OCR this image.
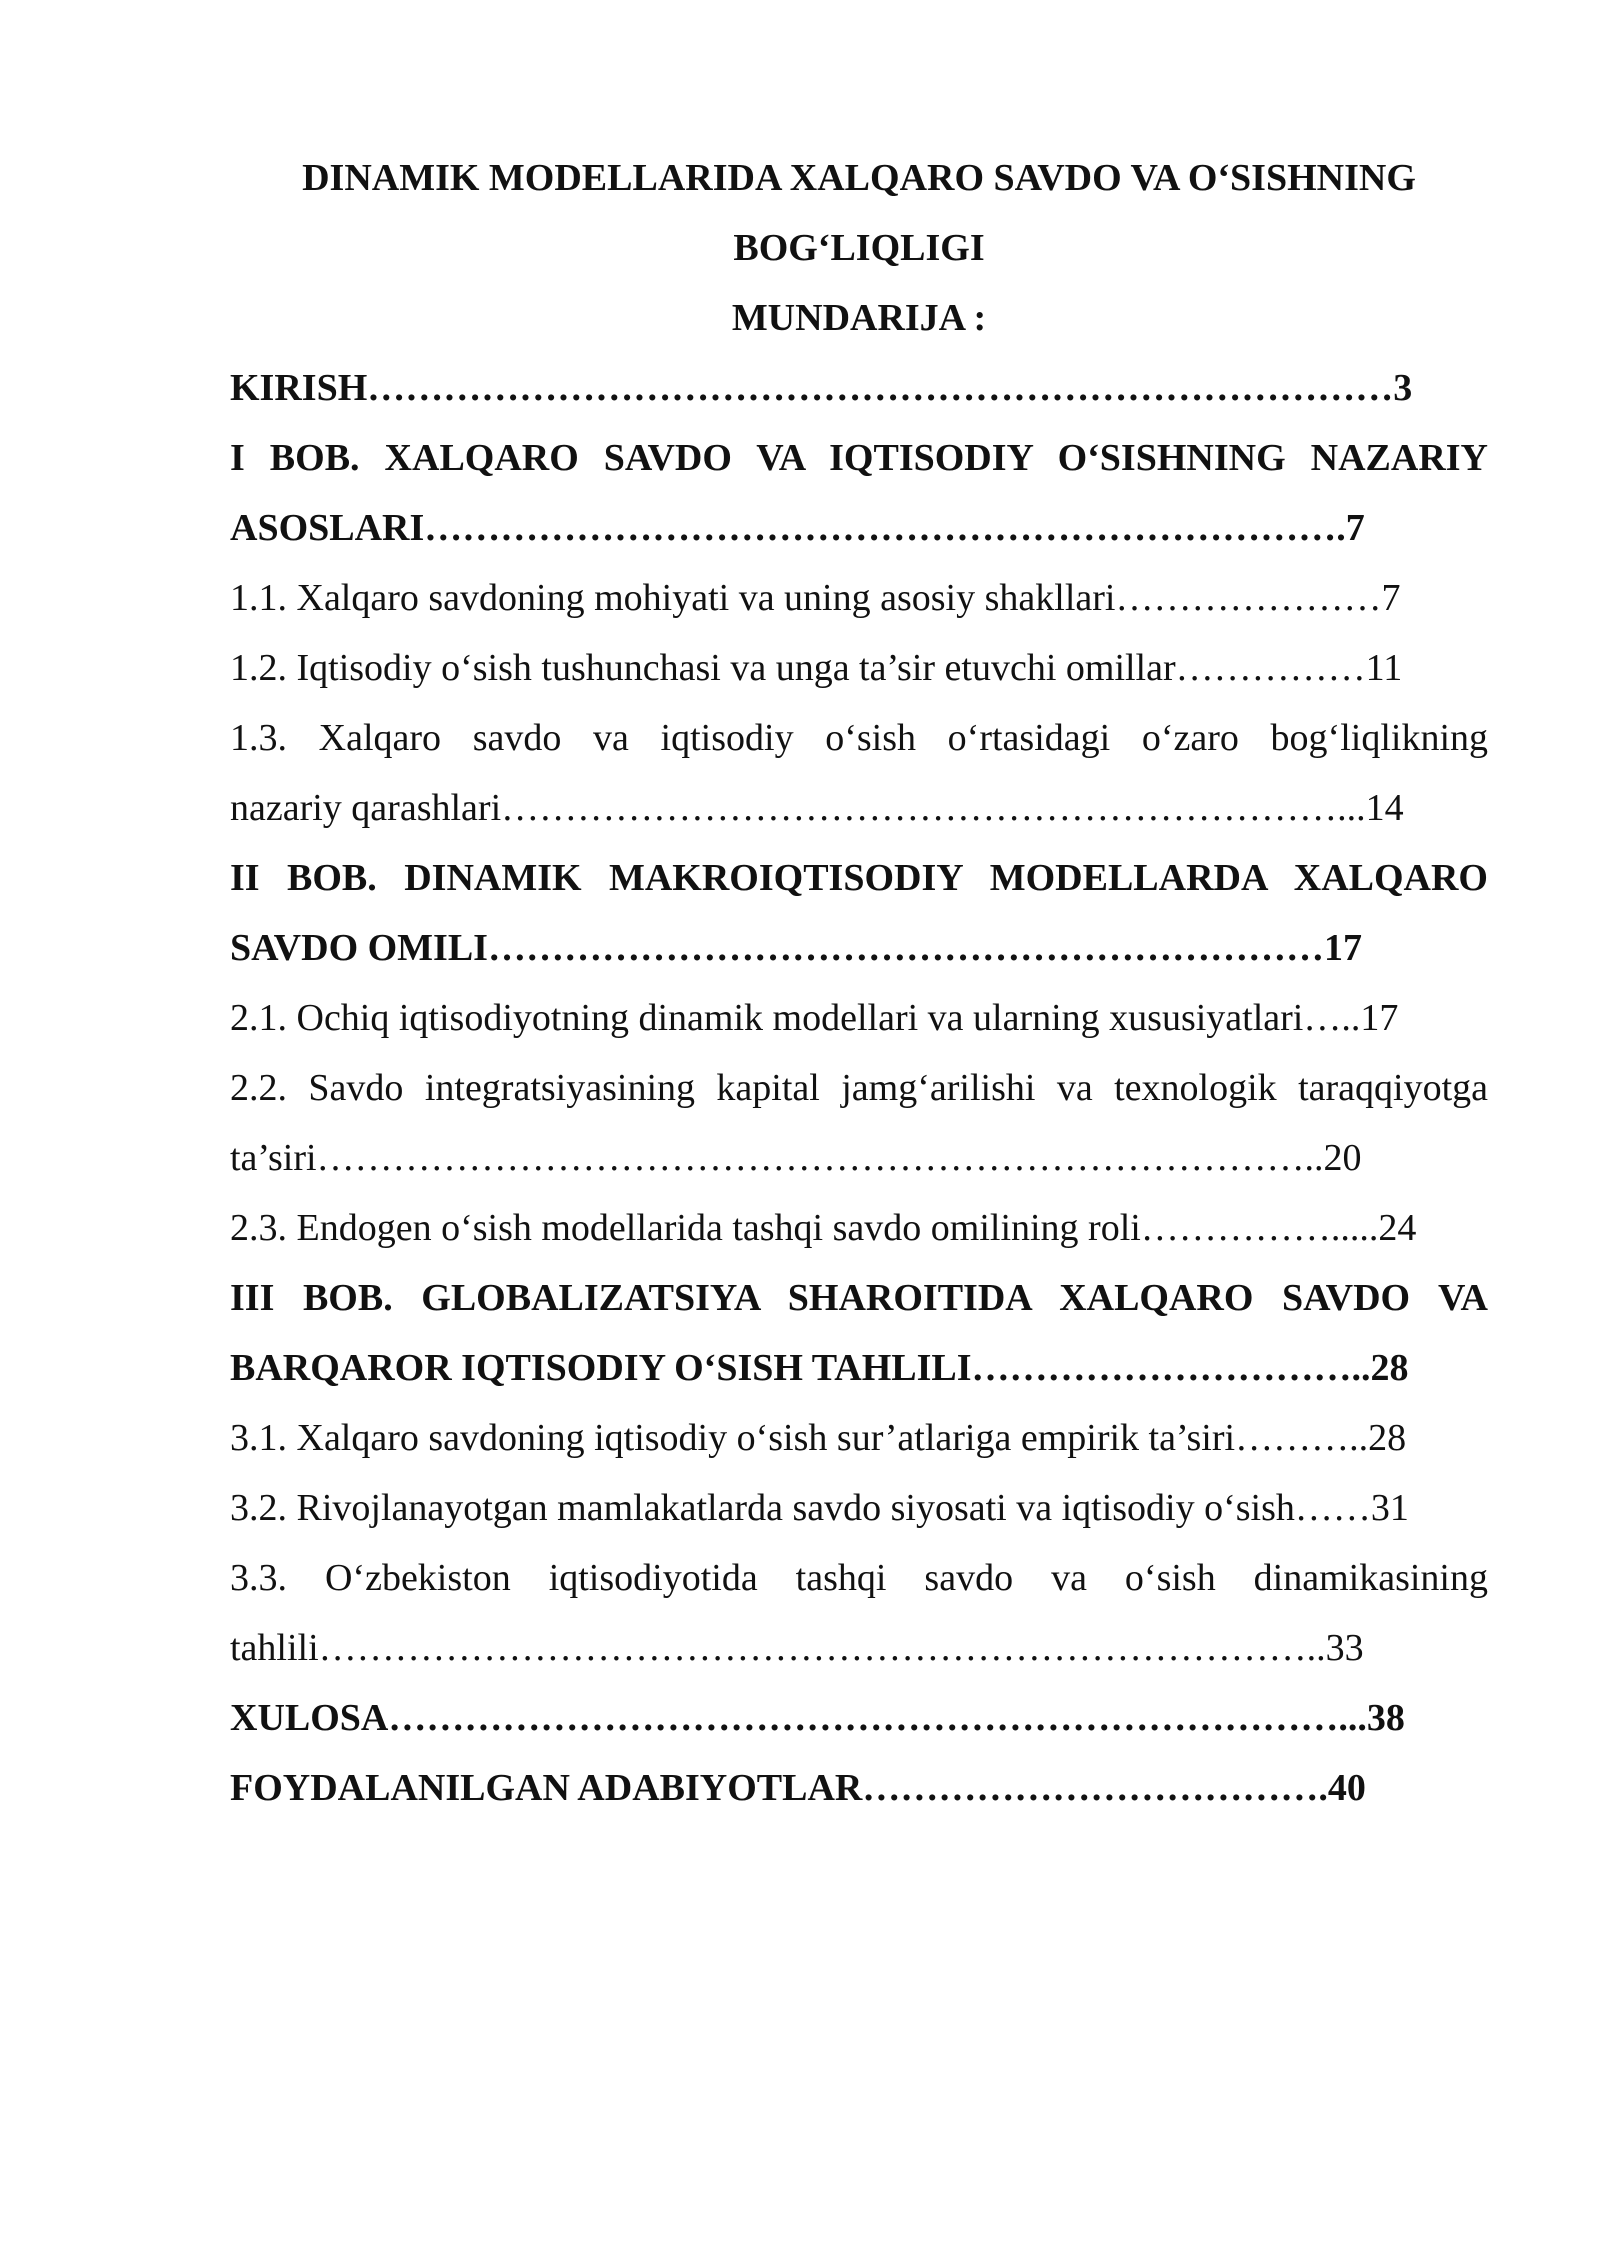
DINAMIK MODELLARIDA XALQARO SAVDO VA O‘SISHNING
BOG‘LIQLIGI
MUNDARIJA :
KIRISH………………………………………………………………………3
I BOB. XALQARO SAVDO VA IQTISODIY O‘SISHNING NAZARIY
ASOSLARI……………………………………………………………….7
1.1. Xalqaro savdoning mohiyati va uning asosiy shakllari…………………7
1.2. Iqtisodiy o‘sish tushunchasi va unga ta’sir etuvchi omillar……………11
1.3. Xalqaro savdo va iqtisodiy o‘sish o‘rtasidagi o‘zaro bog‘liqlikning
nazariy qarashlari…………………………………………………………...14
II BOB. DINAMIK MAKROIQTISODIY MODELLARDA XALQARO
SAVDO OMILI…………………………………………………………17
2.1. Ochiq iqtisodiyotning dinamik modellari va ularning xususiyatlari…..17
2.2. Savdo integratsiyasining kapital jamg‘arilishi va texnologik taraqqiyotga
ta’siri……………………………………………………………………..20
2.3. Endogen o‘sish modellarida tashqi savdo omilining roli…………….....24
III BOB. GLOBALIZATSIYA SHAROITIDA XALQARO SAVDO VA
BARQAROR IQTISODIY O‘SISH TAHLILI…………………………..28
3.1. Xalqaro savdoning iqtisodiy o‘sish sur’atlariga empirik ta’siri………..28
3.2. Rivojlanayotgan mamlakatlarda savdo siyosati va iqtisodiy o‘sish……31
3.3. O‘zbekiston iqtisodiyotida tashqi savdo va o‘sish dinamikasining
tahlili……………………………………………………………………..33
XULOSA…………………………………………………………………...38
FOYDALANILGAN ADABIYOTLAR……………………………….40
